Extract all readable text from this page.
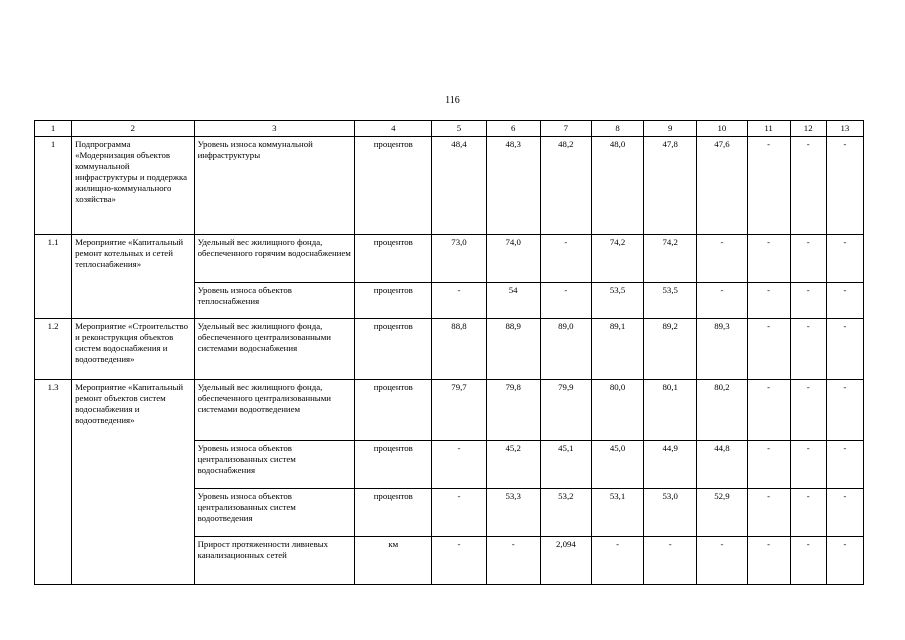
116
1	2	3	4	5	6	7	8	9	10	11	12	13
1	Подпрограмма «Модернизация объектов коммунальной инфраструктуры и поддержка жилищно-коммунального хозяйства»	Уровень износа коммунальной инфраструктуры	процентов	48,4	48,3	48,2	48,0	47,8	47,6	-	-	-
1.1	Мероприятие «Капитальный ремонт котельных и сетей теплоснабжения»	Удельный вес жилищного фонда, обеспеченного горячим водоснабжением	процентов	73,0	74,0	-	74,2	74,2	-	-	-	-
		Уровень износа объектов теплоснабжения	процентов	-	54	-	53,5	53,5	-	-	-	-
1.2	Мероприятие «Строительство и реконструкция объектов систем водоснабжения и водоотведения»	Удельный вес жилищного фонда, обеспеченного централизованными системами водоснабжения	процентов	88,8	88,9	89,0	89,1	89,2	89,3	-	-	-
1.3	Мероприятие «Капитальный ремонт объектов систем водоснабжения и водоотведения»	Удельный вес жилищного фонда, обеспеченного централизованными системами водоотведением	процентов	79,7	79,8	79,9	80,0	80,1	80,2	-	-	-
		Уровень износа объектов централизованных систем водоснабжения	процентов	-	45,2	45,1	45,0	44,9	44,8	-	-	-
		Уровень износа объектов централизованных систем водоотведения	процентов	-	53,3	53,2	53,1	53,0	52,9	-	-	-
		Прирост протяженности ливневых канализационных сетей	км	-	-	2,094	-	-	-	-	-	-
